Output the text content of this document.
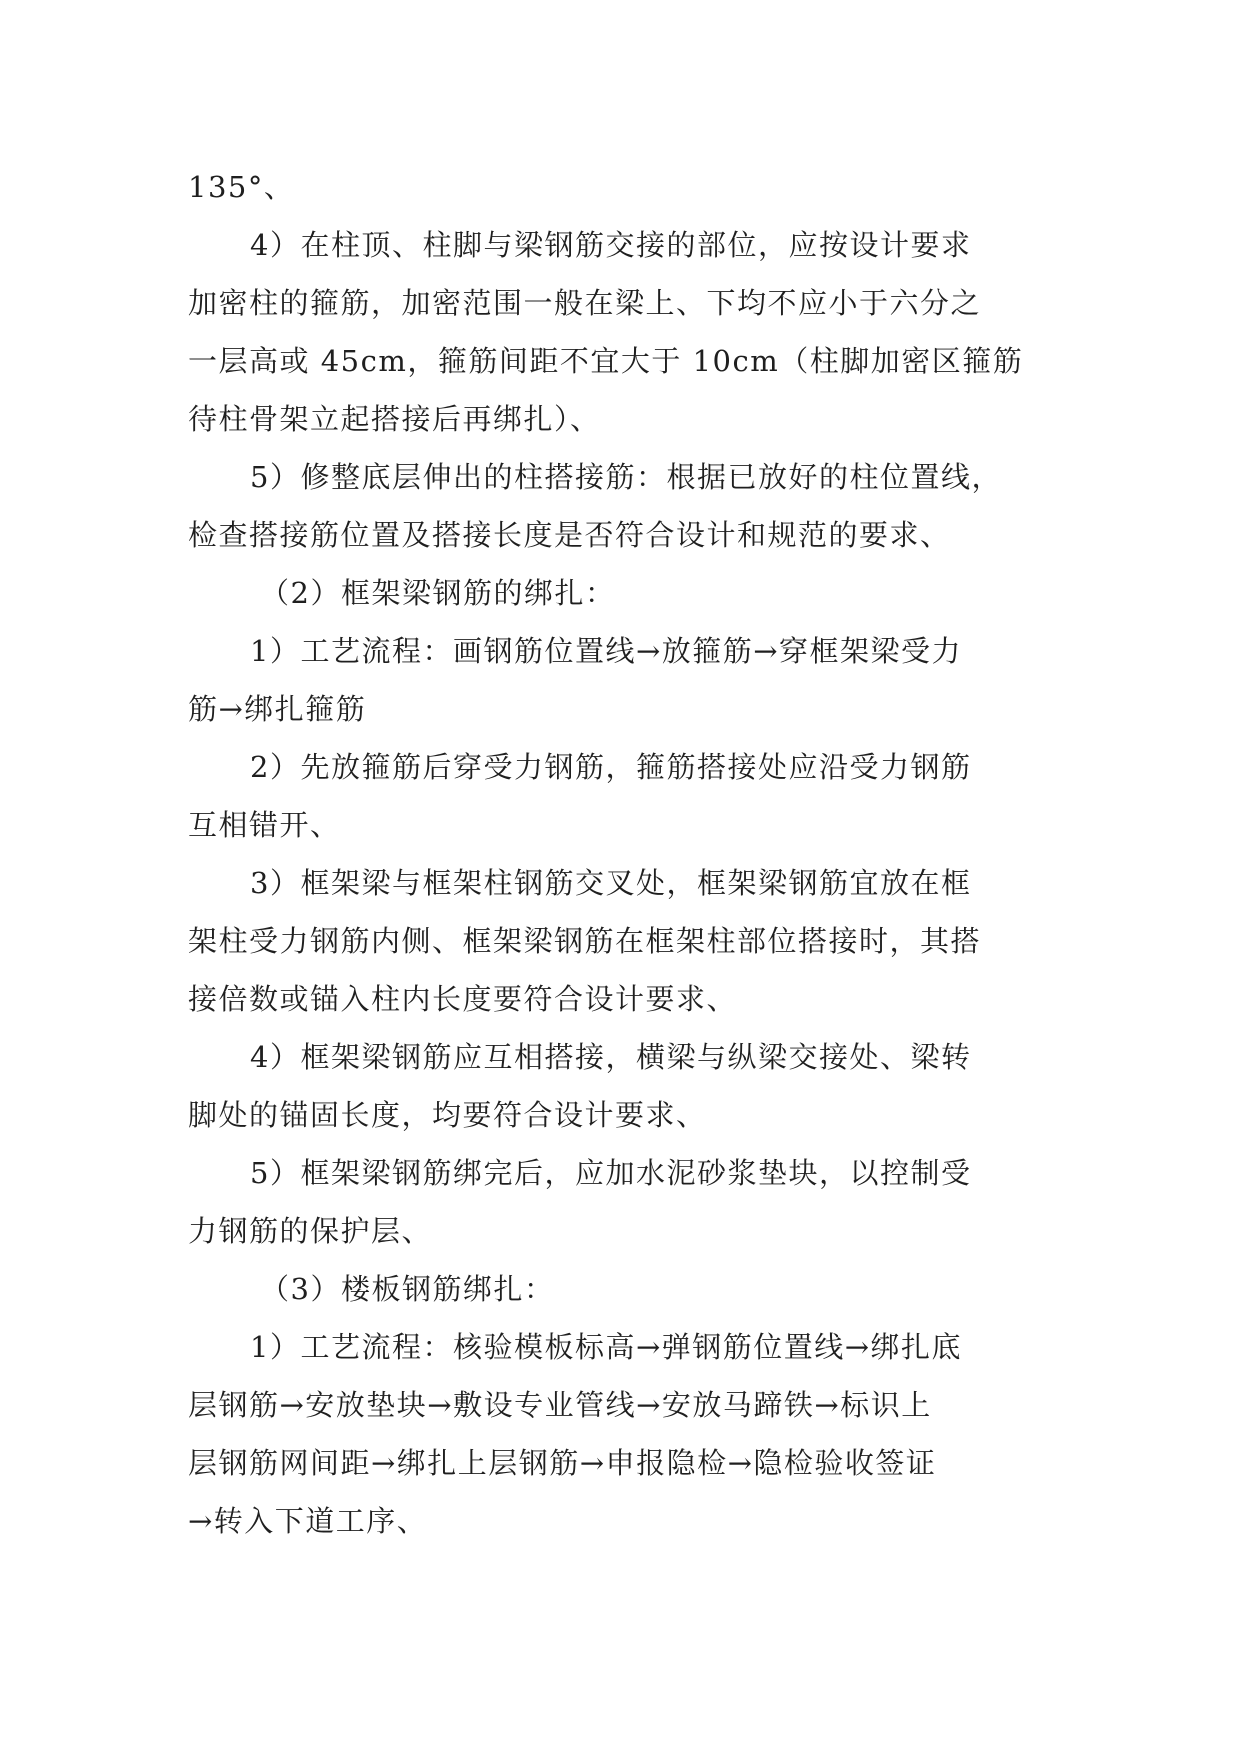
135°、
4）在柱顶、柱脚与梁钢筋交接的部位，应按设计要求
加密柱的箍筋，加密范围一般在梁上、下均不应小于六分之
一层高或 45cm，箍筋间距不宜大于 10cm（柱脚加密区箍筋
待柱骨架立起搭接后再绑扎）、
5）修整底层伸出的柱搭接筋：根据已放好的柱位置线，
检查搭接筋位置及搭接长度是否符合设计和规范的要求、
（2）框架梁钢筋的绑扎：
1）工艺流程：画钢筋位置线→放箍筋→穿框架梁受力
筋→绑扎箍筋
2）先放箍筋后穿受力钢筋，箍筋搭接处应沿受力钢筋
互相错开、
3）框架梁与框架柱钢筋交叉处，框架梁钢筋宜放在框
架柱受力钢筋内侧、框架梁钢筋在框架柱部位搭接时，其搭
接倍数或锚入柱内长度要符合设计要求、
4）框架梁钢筋应互相搭接，横梁与纵梁交接处、梁转
脚处的锚固长度，均要符合设计要求、
5）框架梁钢筋绑完后，应加水泥砂浆垫块，以控制受
力钢筋的保护层、
（3）楼板钢筋绑扎：
1）工艺流程：核验模板标高→弹钢筋位置线→绑扎底
层钢筋→安放垫块→敷设专业管线→安放马蹄铁→标识上
层钢筋网间距→绑扎上层钢筋→申报隐检→隐检验收签证
→转入下道工序、
